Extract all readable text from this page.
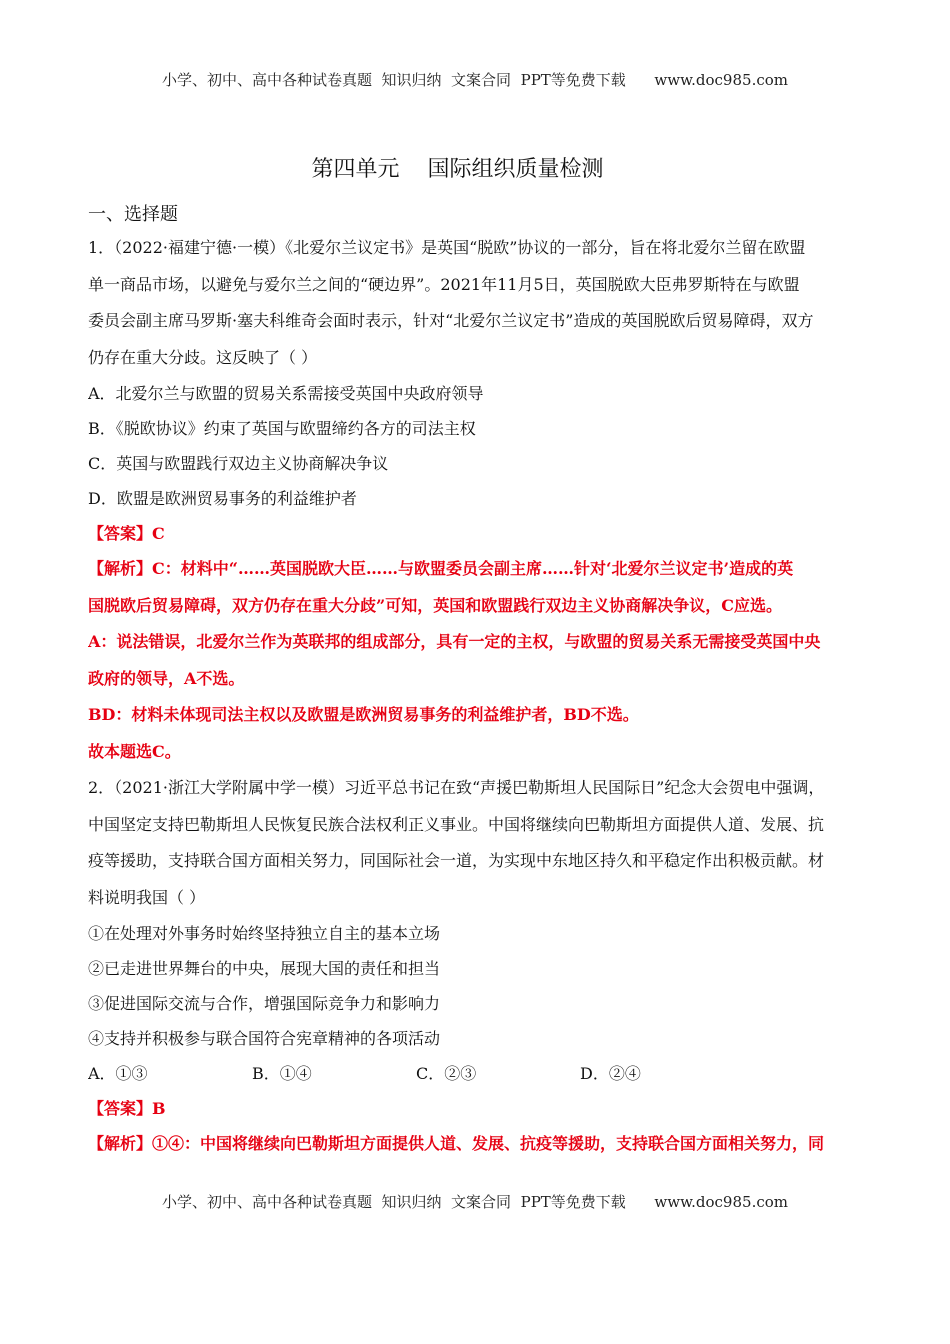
小学、初中、高中各种试卷真题  知识归纳  文案合同  PPT等免费下载      www.doc985.com
第四单元    国际组织质量检测
一、选择题
1．（2022·福建宁德·一模）《北爱尔兰议定书》是英国“脱欧”协议的一部分，旨在将北爱尔兰留在欧盟
单一商品市场，以避免与爱尔兰之间的“硬边界”。2021年11月5日，英国脱欧大臣弗罗斯特在与欧盟
委员会副主席马罗斯·塞夫科维奇会面时表示，针对“北爱尔兰议定书”造成的英国脱欧后贸易障碍，双方
仍存在重大分歧。这反映了（ ）
A．北爱尔兰与欧盟的贸易关系需接受英国中央政府领导
B．《脱欧协议》约束了英国与欧盟缔约各方的司法主权
C．英国与欧盟践行双边主义协商解决争议
D．欧盟是欧洲贸易事务的利益维护者
【答案】C
【解析】C：材料中“……英国脱欧大臣……与欧盟委员会副主席……针对‘北爱尔兰议定书’造成的英
国脱欧后贸易障碍，双方仍存在重大分歧”可知，英国和欧盟践行双边主义协商解决争议，C应选。
A：说法错误，北爱尔兰作为英联邦的组成部分，具有一定的主权，与欧盟的贸易关系无需接受英国中央
政府的领导，A不选。
BD：材料未体现司法主权以及欧盟是欧洲贸易事务的利益维护者，BD不选。
故本题选C。
2．（2021·浙江大学附属中学一模）习近平总书记在致“声援巴勒斯坦人民国际日”纪念大会贺电中强调，
中国坚定支持巴勒斯坦人民恢复民族合法权利正义事业。中国将继续向巴勒斯坦方面提供人道、发展、抗
疫等援助，支持联合国方面相关努力，同国际社会一道，为实现中东地区持久和平稳定作出积极贡献。材
料说明我国（ ）
①在处理对外事务时始终坚持独立自主的基本立场
②已走进世界舞台的中央，展现大国的责任和担当
③促进国际交流与合作，增强国际竞争力和影响力
④支持并积极参与联合国符合宪章精神的各项活动
A．①③	B．①④	C．②③	D．②④
【答案】B
【解析】①④：中国将继续向巴勒斯坦方面提供人道、发展、抗疫等援助，支持联合国方面相关努力，同
小学、初中、高中各种试卷真题  知识归纳  文案合同  PPT等免费下载      www.doc985.com
